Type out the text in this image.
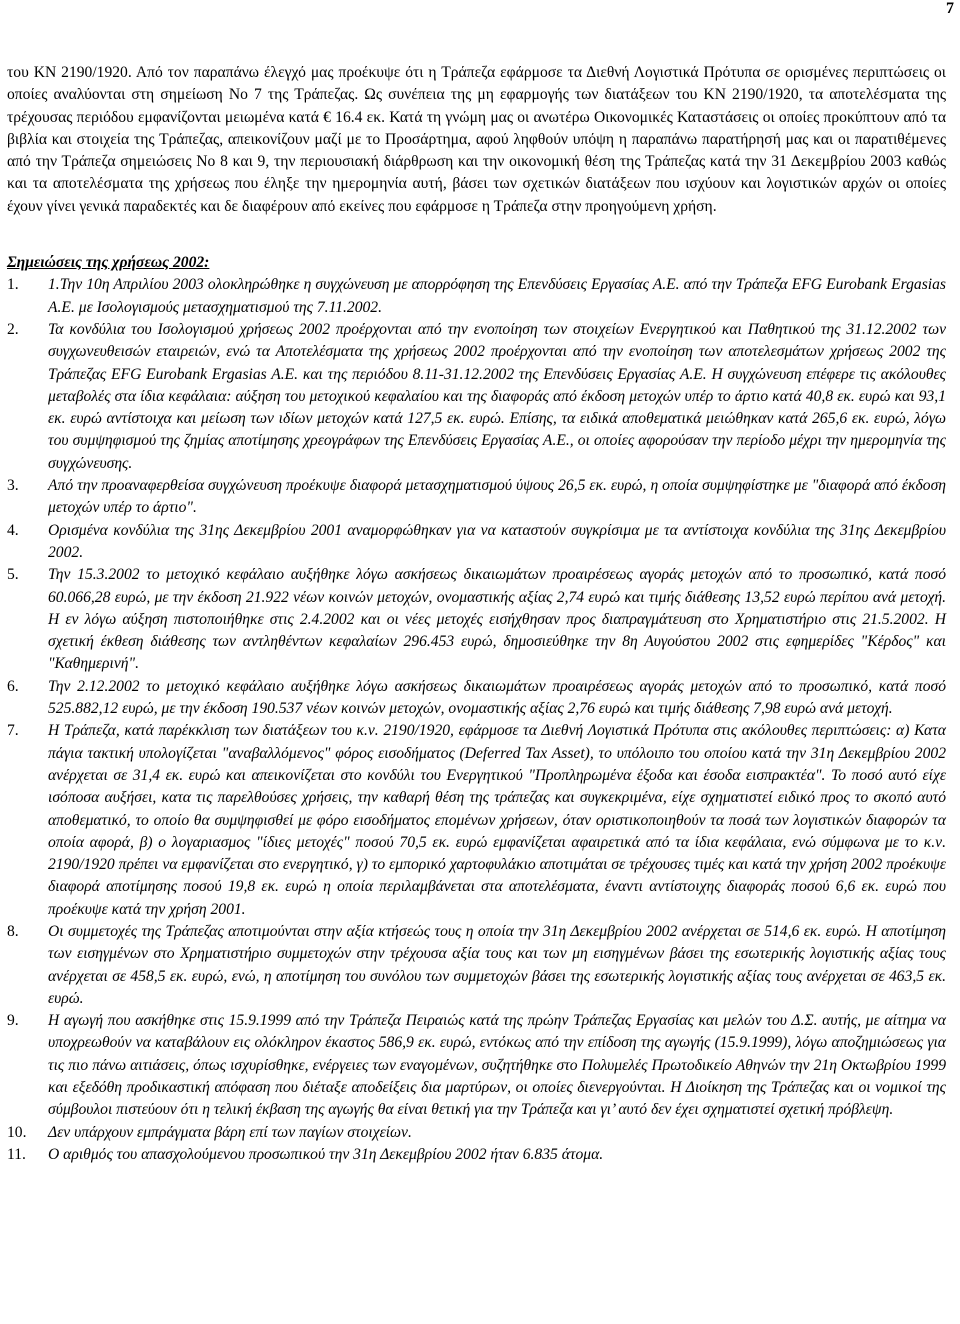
7

του ΚΝ 2190/1920. Από τον παραπάνω έλεγχό μας προέκυψε ότι η Τράπεζα εφάρμοσε τα Διεθνή Λογιστικά Πρότυπα σε ορισμένες περιπτώσεις οι οποίες αναλύονται στη σημείωση Νο 7 της Τράπεζας. Ως συνέπεια της μη εφαρμογής των διατάξεων του ΚΝ 2190/1920, τα αποτελέσματα της τρέχουσας περιόδου εμφανίζονται μειωμένα κατά € 16.4 εκ. Κατά τη γνώμη μας οι ανωτέρω Οικονομικές Καταστάσεις οι οποίες προκύπτουν από τα βιβλία και στοιχεία της Τράπεζας, απεικονίζουν μαζί με το Προσάρτημα, αφού ληφθούν υπόψη η παραπάνω παρατήρησή μας και οι παρατιθέμενες από την Τράπεζα σημειώσεις Νο 8 και 9, την περιουσιακή διάρθρωση και την οικονομική θέση της Τράπεζας κατά την 31 Δεκεμβρίου 2003 καθώς και τα αποτελέσματα της χρήσεως που έληξε την ημερομηνία αυτή, βάσει των σχετικών διατάξεων που ισχύουν και λογιστικών αρχών οι οποίες έχουν γίνει γενικά παραδεκτές και δε διαφέρουν από εκείνες που εφάρμοσε η Τράπεζα στην προηγούμενη χρήση.

Σημειώσεις της χρήσεως 2002:
1.	1.Την 10η Απριλίου 2003 ολοκληρώθηκε η συγχώνευση με απορρόφηση της Επενδύσεις Εργασίας Α.Ε. από την Τράπεζα EFG Eurobank Ergasias Α.Ε. με Ισολογισμούς μετασχηματισμού της 7.11.2002.
2.	Τα κονδύλια του Ισολογισμού χρήσεως 2002 προέρχονται από την ενοποίηση των στοιχείων Ενεργητικού και Παθητικού της 31.12.2002 των συγχωνευθεισών εταιρειών, ενώ τα Αποτελέσματα της χρήσεως 2002 προέρχονται από την ενοποίηση των αποτελεσμάτων χρήσεως 2002 της Τράπεζας EFG Eurobank Ergasias A.E. και της περιόδου 8.11-31.12.2002 της Επενδύσεις Εργασίας Α.Ε. Η συγχώνευση επέφερε τις ακόλουθες μεταβολές στα ίδια κεφάλαια: αύξηση του μετοχικού κεφαλαίου και της διαφοράς από έκδοση μετοχών υπέρ το άρτιο κατά 40,8 εκ. ευρώ και 93,1 εκ. ευρώ αντίστοιχα και μείωση των ιδίων μετοχών κατά 127,5 εκ. ευρώ. Επίσης, τα ειδικά αποθεματικά μειώθηκαν κατά 265,6 εκ. ευρώ, λόγω του συμψηφισμού της ζημίας αποτίμησης χρεογράφων της Επενδύσεις Εργασίας Α.Ε., οι οποίες αφορούσαν την περίοδο μέχρι την ημερομηνία της συγχώνευσης.
3.	Από την προαναφερθείσα συγχώνευση προέκυψε διαφορά μετασχηματισμού ύψους 26,5 εκ. ευρώ, η οποία συμψηφίστηκε με "διαφορά από έκδοση μετοχών υπέρ το άρτιο".
4.	Ορισμένα κονδύλια της 31ης Δεκεμβρίου 2001 αναμορφώθηκαν για να καταστούν συγκρίσιμα με τα αντίστοιχα κονδύλια της 31ης Δεκεμβρίου 2002.
5.	Την 15.3.2002 το μετοχικό κεφάλαιο αυξήθηκε λόγω ασκήσεως δικαιωμάτων προαιρέσεως αγοράς μετοχών από το προσωπικό, κατά ποσό 60.066,28 ευρώ, με την έκδοση 21.922 νέων κοινών μετοχών, ονομαστικής αξίας 2,74 ευρώ και τιμής διάθεσης 13,52 ευρώ περίπου ανά μετοχή. Η εν λόγω αύξηση πιστοποιήθηκε στις 2.4.2002 και οι νέες μετοχές εισήχθησαν προς διαπραγμάτευση στο Χρηματιστήριο στις 21.5.2002. Η σχετική έκθεση διάθεσης των αντληθέντων κεφαλαίων 296.453 ευρώ, δημοσιεύθηκε την 8η Αυγούστου 2002 στις εφημερίδες "Κέρδος" και "Καθημερινή".
6.	Την 2.12.2002 το μετοχικό κεφάλαιο αυξήθηκε λόγω ασκήσεως δικαιωμάτων προαιρέσεως αγοράς μετοχών από το προσωπικό, κατά ποσό 525.882,12 ευρώ, με την έκδοση 190.537 νέων κοινών μετοχών, ονομαστικής αξίας 2,76 ευρώ και τιμής διάθεσης 7,98 ευρώ ανά μετοχή.
7.	Η Τράπεζα, κατά παρέκκλιση των διατάξεων του κ.ν. 2190/1920, εφάρμοσε τα Διεθνή Λογιστικά Πρότυπα στις ακόλουθες περιπτώσεις: α) Κατα πάγια τακτική υπολογίζεται "αναβαλλόμενος" φόρος εισοδήματος (Deferred Tax Asset), το υπόλοιπο του οποίου κατά την 31η Δεκεμβρίου 2002 ανέρχεται σε 31,4 εκ. ευρώ και απεικονίζεται στο κονδύλι του Ενεργητικού "Προπληρωμένα έξοδα και έσοδα εισπρακτέα". Το ποσό αυτό είχε ισόποσα αυξήσει, κατα τις παρελθούσες χρήσεις, την καθαρή θέση της τράπεζας και συγκεκριμένα, είχε σχηματιστεί ειδικό προς το σκοπό αυτό αποθεματικό, το οποίο θα συμψηφισθεί με φόρο εισοδήματος επομένων χρήσεων, όταν οριστικοποιηθούν τα ποσά των λογιστικών διαφορών τα οποία αφορά, β) ο λογαριασμος "ίδιες μετοχές" ποσού 70,5 εκ. ευρώ εμφανίζεται αφαιρετικά από τα ίδια κεφάλαια, ενώ σύμφωνα με το κ.ν. 2190/1920 πρέπει να εμφανίζεται στο ενεργητικό, γ) το εμπορικό χαρτοφυλάκιο αποτιμάται σε τρέχουσες τιμές και κατά την χρήση 2002 προέκυψε διαφορά αποτίμησης ποσού 19,8 εκ. ευρώ η οποία περιλαμβάνεται στα αποτελέσματα, έναντι αντίστοιχης διαφοράς ποσού 6,6 εκ. ευρώ που προέκυψε κατά την χρήση 2001.
8.	Οι συμμετοχές της Τράπεζας αποτιμούνται στην αξία κτήσεώς τους η οποία την 31η Δεκεμβρίου 2002 ανέρχεται σε 514,6 εκ. ευρώ. Η αποτίμηση των εισηγμένων στο Χρηματιστήριο συμμετοχών στην τρέχουσα αξία τους και των μη εισηγμένων βάσει της εσωτερικής λογιστικής αξίας τους ανέρχεται σε 458,5 εκ. ευρώ, ενώ, η αποτίμηση του συνόλου των συμμετοχών βάσει της εσωτερικής λογιστικής αξίας τους ανέρχεται σε 463,5 εκ. ευρώ.
9.	Η αγωγή που ασκήθηκε στις 15.9.1999 από την Τράπεζα Πειραιώς κατά της πρώην Τράπεζας Εργασίας και μελών του Δ.Σ. αυτής, με αίτημα να υποχρεωθούν να καταβάλουν εις ολόκληρον έκαστος 586,9 εκ. ευρώ, εντόκως από την επίδοση της αγωγής (15.9.1999), λόγω αποζημιώσεως για τις πιο πάνω αιτιάσεις, όπως ισχυρίσθηκε, ενέργειες των εναγομένων, συζητήθηκε στο Πολυμελές Πρωτοδικείο Αθηνών την 21η Οκτωβρίου 1999 και εξεδόθη προδικαστική απόφαση που διέταξε αποδείξεις δια μαρτύρων, οι οποίες διενεργούνται. Η Διοίκηση της Τράπεζας και οι νομικοί της σύμβουλοι πιστεύουν ότι η τελική έκβαση της αγωγής θα είναι θετική για την Τράπεζα και γι’ αυτό δεν έχει σχηματιστεί σχετική πρόβλεψη.
10.	Δεν υπάρχουν εμπράγματα βάρη επί των παγίων στοιχείων.
11.	Ο αριθμός του απασχολούμενου προσωπικού την 31η Δεκεμβρίου 2002 ήταν 6.835 άτομα.
